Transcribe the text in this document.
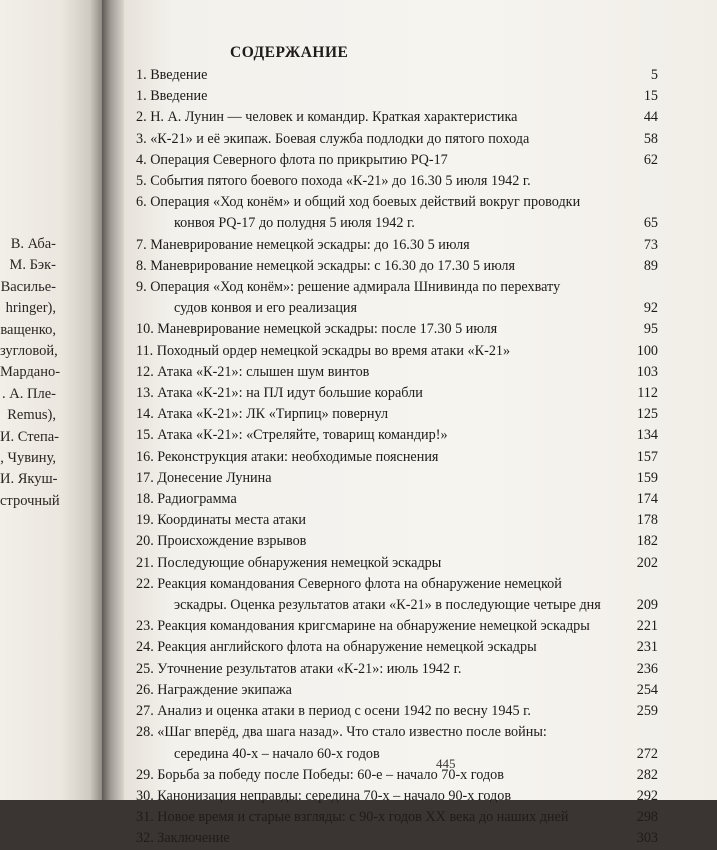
В. Аба-
М. Бэк-
Василье-
hringer),
ващенко,
зугловой,
Мардано-
. А. Пле-
Remus),
И. Степа-
, Чувину,
И. Якуш-
строчный
СОДЕРЖАНИЕ
1. Введение	5
1. Введение	15
2. Н. А. Лунин — человек и командир. Краткая характеристика	44
3. «К-21» и её экипаж. Боевая служба подлодки до пятого похода	58
4. Операция Северного флота по прикрытию PQ-17	62
5. События пятого боевого похода «К-21» до 16.30 5 июля 1942 г.
6. Операция «Ход конём» и общий ход боевых действий вокруг проводки
конвоя PQ-17 до полудня 5 июля 1942 г.	65
7. Маневрирование немецкой эскадры: до 16.30 5 июля	73
8. Маневрирование немецкой эскадры: с 16.30 до 17.30 5 июля	89
9. Операция «Ход конём»: решение адмирала Шнивинда по перехвату
судов конвоя и его реализация	92
10. Маневрирование немецкой эскадры: после 17.30 5 июля	95
11. Походный ордер немецкой эскадры во время атаки «К-21»	100
12. Атака «К-21»: слышен шум винтов	103
13. Атака «К-21»: на ПЛ идут большие корабли	112
14. Атака «К-21»: ЛК «Тирпиц» повернул	125
15. Атака «К-21»: «Стреляйте, товарищ командир!»	134
16. Реконструкция атаки: необходимые пояснения	157
17. Донесение Лунина	159
18. Радиограмма	174
19. Координаты места атаки	178
20. Происхождение взрывов	182
21. Последующие обнаружения немецкой эскадры	202
22. Реакция командования Северного флота на обнаружение немецкой
эскадры. Оценка результатов атаки «К-21» в последующие четыре дня	209
23. Реакция командования кригсмарине на обнаружение немецкой эскадры	221
24. Реакция английского флота на обнаружение немецкой эскадры	231
25. Уточнение результатов атаки «К-21»: июль 1942 г.	236
26. Награждение экипажа	254
27. Анализ и оценка атаки в период с осени 1942 по весну 1945 г.	259
28. «Шаг вперёд, два шага назад». Что стало известно после войны:
середина 40-х – начало 60-х годов	272
29. Борьба за победу после Победы: 60-е – начало 70-х годов	282
30. Канонизация неправды: середина 70-х – начало 90-х годов	292
31. Новое время и старые взгляды: с 90-х годов XX века до наших дней	298
32. Заключение	303
445
